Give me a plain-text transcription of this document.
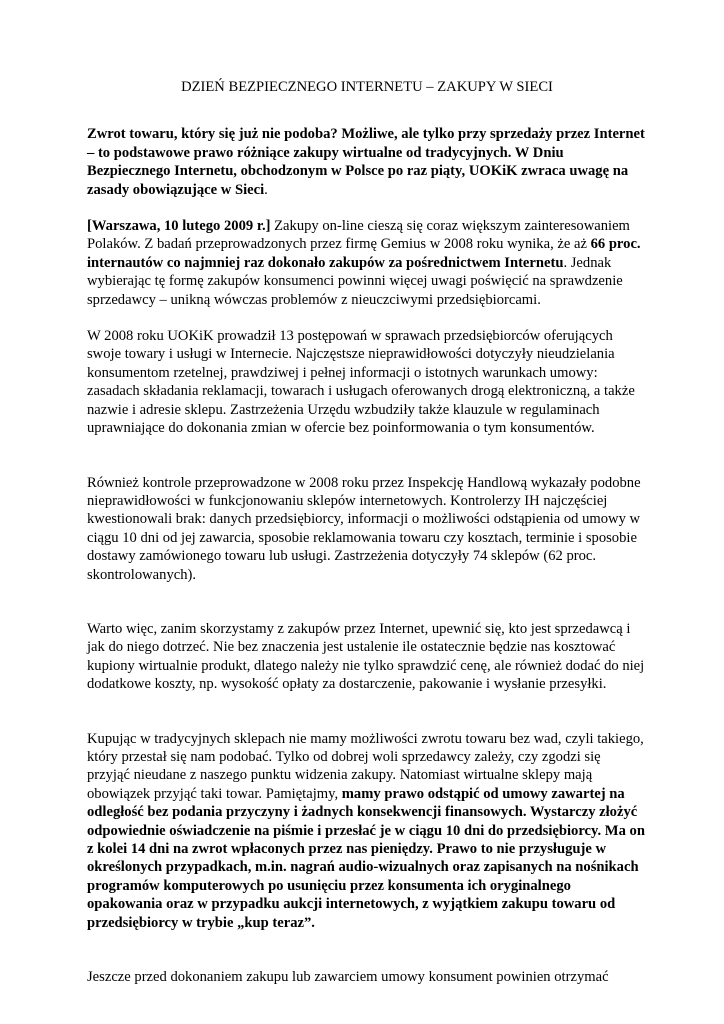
DZIEŃ BEZPIECZNEGO INTERNETU – ZAKUPY W SIECI

Zwrot towaru, który się już nie podoba? Możliwe, ale tylko przy sprzedaży przez Internet – to podstawowe prawo różniące zakupy wirtualne od tradycyjnych. W Dniu Bezpiecznego Internetu, obchodzonym w Polsce po raz piąty, UOKiK zwraca uwagę na zasady obowiązujące w Sieci.

[Warszawa, 10 lutego 2009 r.] Zakupy on-line cieszą się coraz większym zainteresowaniem Polaków. Z badań przeprowadzonych przez firmę Gemius w 2008 roku wynika, że aż 66 proc. internautów co najmniej raz dokonało zakupów za pośrednictwem Internetu. Jednak wybierając tę formę zakupów konsumenci powinni więcej uwagi poświęcić na sprawdzenie sprzedawcy – unikną wówczas problemów z nieuczciwymi przedsiębiorcami.

W 2008 roku UOKiK prowadził 13 postępowań w sprawach przedsiębiorców oferujących swoje towary i usługi w Internecie. Najczęstsze nieprawidłowości dotyczyły nieudzielania konsumentom rzetelnej, prawdziwej i pełnej informacji o istotnych warunkach umowy: zasadach składania reklamacji, towarach i usługach oferowanych drogą elektroniczną, a także nazwie i adresie sklepu. Zastrzeżenia Urzędu wzbudziły także klauzule w regulaminach uprawniające do dokonania zmian w ofercie bez poinformowania o tym konsumentów.

Również kontrole przeprowadzone w 2008 roku przez Inspekcję Handlową wykazały podobne nieprawidłowości w funkcjonowaniu sklepów internetowych. Kontrolerzy IH najczęściej kwestionowali brak: danych przedsiębiorcy, informacji o możliwości odstąpienia od umowy w ciągu 10 dni od jej zawarcia, sposobie reklamowania towaru czy kosztach, terminie i sposobie dostawy zamówionego towaru lub usługi. Zastrzeżenia dotyczyły 74 sklepów (62 proc. skontrolowanych).

Warto więc, zanim skorzystamy z zakupów przez Internet, upewnić się, kto jest sprzedawcą i jak do niego dotrzeć. Nie bez znaczenia jest ustalenie ile ostatecznie będzie nas kosztować kupiony wirtualnie produkt, dlatego należy nie tylko sprawdzić cenę, ale również dodać do niej dodatkowe koszty, np. wysokość opłaty za dostarczenie, pakowanie i wysłanie przesyłki.

Kupując w tradycyjnych sklepach nie mamy możliwości zwrotu towaru bez wad, czyli takiego, który przestał się nam podobać. Tylko od dobrej woli sprzedawcy zależy, czy zgodzi się przyjąć nieudane z naszego punktu widzenia zakupy. Natomiast wirtualne sklepy mają obowiązek przyjąć taki towar. Pamiętajmy, mamy prawo odstąpić od umowy zawartej na odległość bez podania przyczyny i żadnych konsekwencji finansowych. Wystarczy złożyć odpowiednie oświadczenie na piśmie i przesłać je w ciągu 10 dni do przedsiębiorcy. Ma on z kolei 14 dni na zwrot wpłaconych przez nas pieniędzy. Prawo to nie przysługuje w określonych przypadkach, m.in. nagrań audio-wizualnych oraz zapisanych na nośnikach programów komputerowych po usunięciu przez konsumenta ich oryginalnego opakowania oraz w przypadku aukcji internetowych, z wyjątkiem zakupu towaru od przedsiębiorcy w trybie „kup teraz”.

Jeszcze przed dokonaniem zakupu lub zawarciem umowy konsument powinien otrzymać
